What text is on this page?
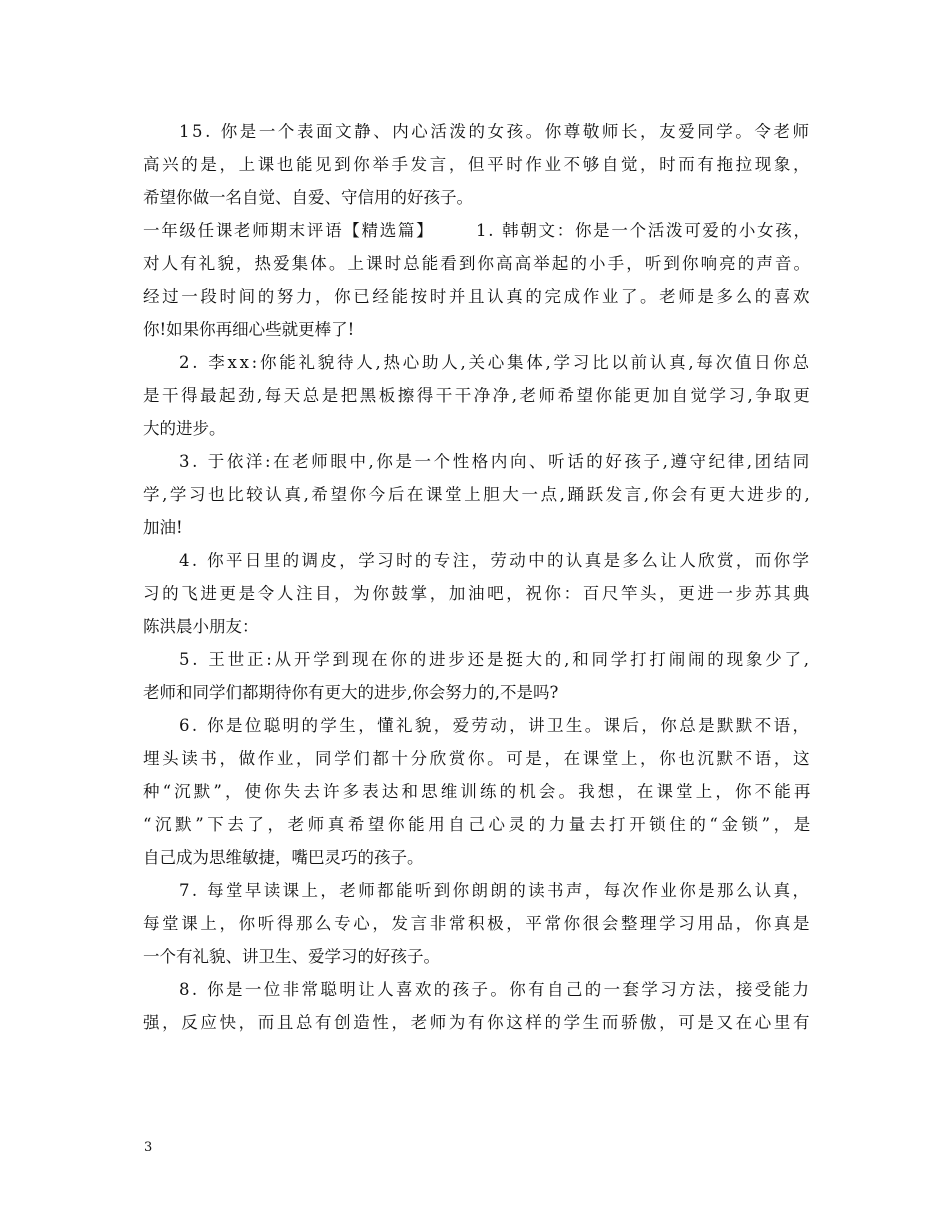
15. 你是一个表面文静、内心活泼的女孩。你尊敬师长，友爱同学。令老师
高兴的是，上课也能见到你举手发言，但平时作业不够自觉，时而有拖拉现象，
希望你做一名自觉、自爱、守信用的好孩子。
一年级任课老师期末评语【精选篇】      1. 韩朝文：你是一个活泼可爱的小女孩，
对人有礼貌，热爱集体。上课时总能看到你高高举起的小手，听到你响亮的声音。
经过一段时间的努力，你已经能按时并且认真的完成作业了。老师是多么的喜欢
你!如果你再细心些就更棒了!
2. 李xx:你能礼貌待人,热心助人,关心集体,学习比以前认真,每次值日你总
是干得最起劲,每天总是把黑板擦得干干净净,老师希望你能更加自觉学习,争取更
大的进步。
3. 于依洋:在老师眼中,你是一个性格内向、听话的好孩子,遵守纪律,团结同
学,学习也比较认真,希望你今后在课堂上胆大一点,踊跃发言,你会有更大进步的,
加油!
4. 你平日里的调皮，学习时的专注，劳动中的认真是多么让人欣赏，而你学
习的飞进更是令人注目，为你鼓掌，加油吧，祝你：百尺竿头，更进一步苏其典
陈洪晨小朋友：
5. 王世正:从开学到现在你的进步还是挺大的,和同学打打闹闹的现象少了,
老师和同学们都期待你有更大的进步,你会努力的,不是吗?
6. 你是位聪明的学生，懂礼貌，爱劳动，讲卫生。课后，你总是默默不语，
埋头读书，做作业，同学们都十分欣赏你。可是，在课堂上，你也沉默不语，这
种“沉默”，使你失去许多表达和思维训练的机会。我想，在课堂上，你不能再
“沉默”下去了，老师真希望你能用自己心灵的力量去打开锁住的“金锁”，是
自己成为思维敏捷，嘴巴灵巧的孩子。
7. 每堂早读课上，老师都能听到你朗朗的读书声，每次作业你是那么认真，
每堂课上，你听得那么专心，发言非常积极，平常你很会整理学习用品，你真是
一个有礼貌、讲卫生、爱学习的好孩子。
8. 你是一位非常聪明让人喜欢的孩子。你有自己的一套学习方法，接受能力
强，反应快，而且总有创造性，老师为有你这样的学生而骄傲，可是又在心里有
3
